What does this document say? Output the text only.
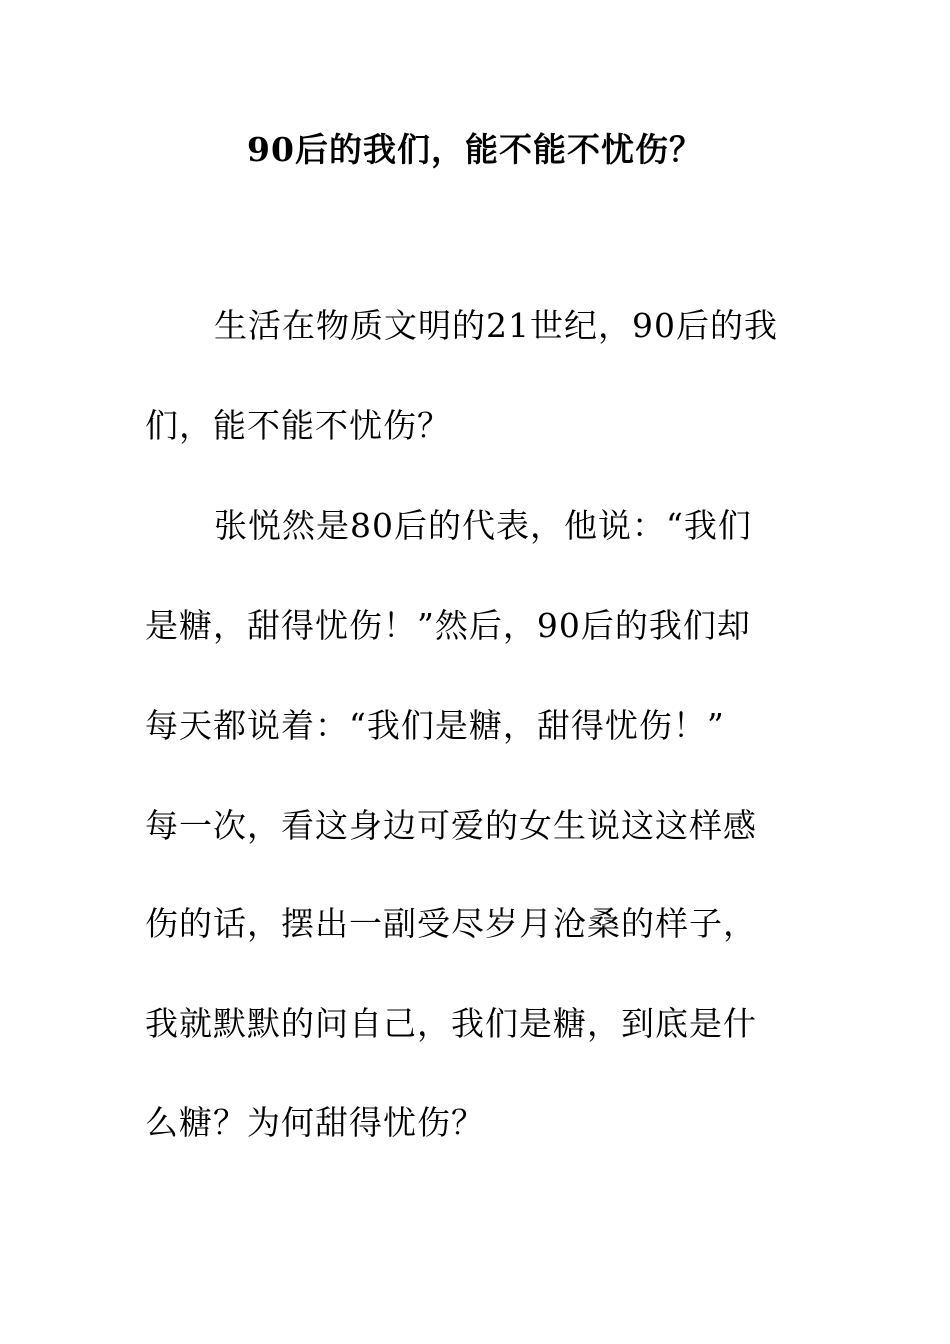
90后的我们，能不能不忧伤？
生活在物质文明的21世纪，90后的我
们，能不能不忧伤？
张悦然是80后的代表，他说：“我们
是糖，甜得忧伤！”然后，90后的我们却
每天都说着：“我们是糖，甜得忧伤！”
每一次，看这身边可爱的女生说这这样感
伤的话，摆出一副受尽岁月沧桑的样子，
我就默默的问自己，我们是糖，到底是什
么糖？为何甜得忧伤？
